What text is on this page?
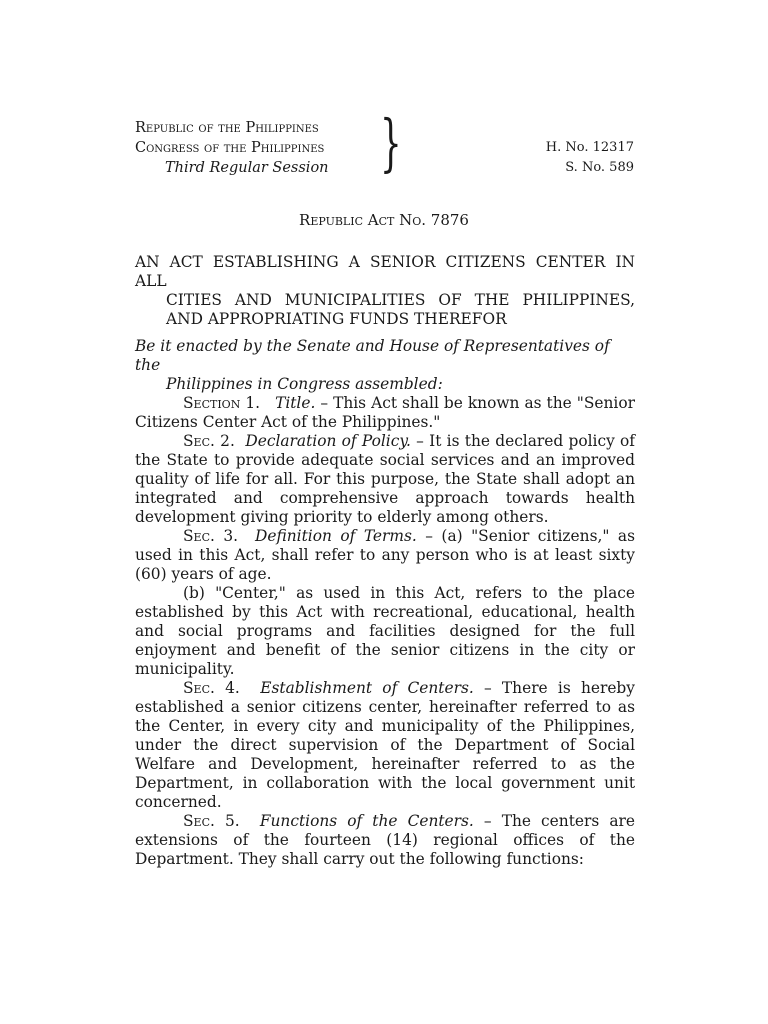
Republic of the Philippines
Congress of the Philippines
Third Regular Session }	H. No. 12317
S. No. 589
Republic Act No. 7876
AN ACT ESTABLISHING A SENIOR CITIZENS CENTER IN ALL
CITIES AND MUNICIPALITIES OF THE PHILIPPINES,
AND APPROPRIATING FUNDS THEREFOR
Be it enacted by the Senate and House of Representatives of the
Philippines in Congress assembled:

Section 1. Title. – This Act shall be known as the "Senior Citizens Center Act of the Philippines."

Sec. 2. Declaration of Policy. – It is the declared policy of the State to provide adequate social services and an improved quality of life for all. For this purpose, the State shall adopt an integrated and comprehensive approach towards health development giving priority to elderly among others.

Sec. 3. Definition of Terms. – (a) "Senior citizens," as used in this Act, shall refer to any person who is at least sixty (60) years of age.

(b) "Center," as used in this Act, refers to the place established by this Act with recreational, educational, health and social programs and facilities designed for the full enjoyment and benefit of the senior citizens in the city or municipality.

Sec. 4. Establishment of Centers. – There is hereby established a senior citizens center, hereinafter referred to as the Center, in every city and municipality of the Philippines, under the direct supervision of the Department of Social Welfare and Development, hereinafter referred to as the Department, in collaboration with the local government unit concerned.

Sec. 5. Functions of the Centers. – The centers are extensions of the fourteen (14) regional offices of the Department. They shall carry out the following functions:
